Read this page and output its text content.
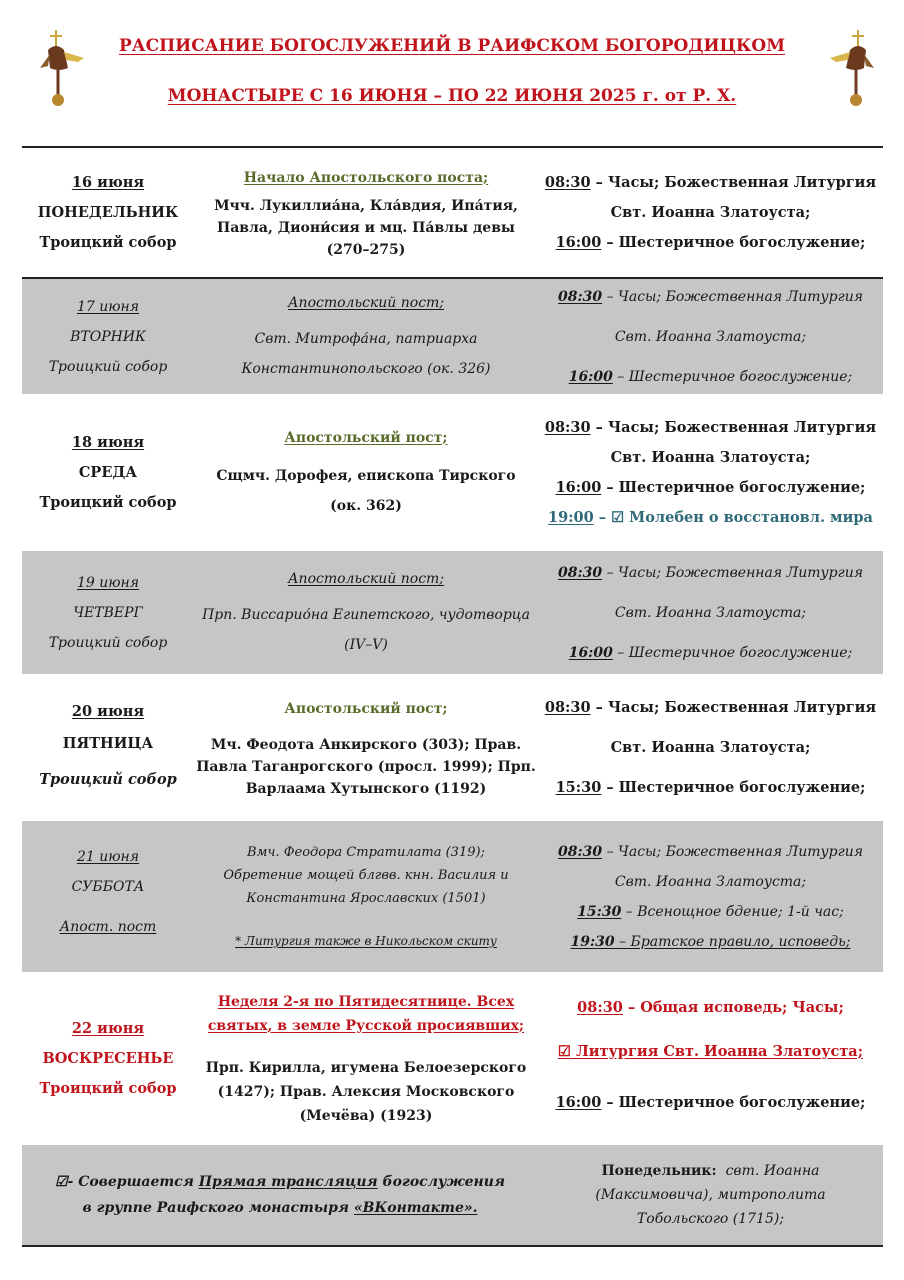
РАСПИСАНИЕ БОГОСЛУЖЕНИЙ В РАИФСКОМ БОГОРОДИЦКОМ
МОНАСТЫРЕ С 16 ИЮНЯ – ПО 22 ИЮНЯ 2025 г. от Р. Х.
16 июня
ПОНЕДЕЛЬНИК
Троицкий собор
Начало Апостольского поста;
Мчч. Лукиллиа́на, Кла́вдия, Ипа́тия,
Павла, Диони́сия и мц. Па́влы девы
(270–275)
08:30 – Часы; Божественная Литургия
Свт. Иоанна Златоуста;
16:00 – Шестеричное богослужение;
17 июня
ВТОРНИК
Троицкий собор
Апостольский пост;
Свт. Митрофа́на, патриарха
Константинопольского (ок. 326)
08:30 – Часы; Божественная Литургия
Свт. Иоанна Златоуста;
16:00 – Шестеричное богослужение;
18 июня
СРЕДА
Троицкий собор
Апостольский пост;
Сщмч. Дорофея, епископа Тирского
(ок. 362)
08:30 – Часы; Божественная Литургия
Свт. Иоанна Златоуста;
16:00 – Шестеричное богослужение;
19:00 – ☑ Молебен о восстановл. мира
19 июня
ЧЕТВЕРГ
Троицкий собор
Апостольский пост;
Прп. Виссарио́на Египетского, чудотворца
(IV–V)
08:30 – Часы; Божественная Литургия
Свт. Иоанна Златоуста;
16:00 – Шестеричное богослужение;
20 июня
ПЯТНИЦА
Троицкий собор
Апостольский пост;
Мч. Феодота Анкирского (303); Прав.
Павла Таганрогского (просл. 1999); Прп.
Варлаама Хутынского (1192)
08:30 – Часы; Божественная Литургия
Свт. Иоанна Златоуста;
15:30 – Шестеричное богослужение;
21 июня
СУББОТА
Апост. пост
Вмч. Феодора Стратилата (319);
Обретение мощей блгвв. кнн. Василия и
Константина Ярославских (1501)
* Литургия также в Никольском скиту
08:30 – Часы; Божественная Литургия
Свт. Иоанна Златоуста;
15:30 – Всенощное бдение; 1-й час;
19:30 – Братское правило, исповедь;
22 июня
ВОСКРЕСЕНЬЕ
Троицкий собор
Неделя 2-я по Пятидесятнице. Всех
святых, в земле Русской просиявших;
Прп. Кирилла, игумена Белоезерского
(1427); Прав. Алексия Московского
(Мечёва) (1923)
08:30 – Общая исповедь; Часы;
☑ Литургия Свт. Иоанна Златоуста;
16:00 – Шестеричное богослужение;
☑- Совершается Прямая трансляция богослужения
в группе Раифского монастыря «ВКонтакте».
Понедельник: свт. Иоанна
(Максимовича), митрополита
Тобольского (1715);
